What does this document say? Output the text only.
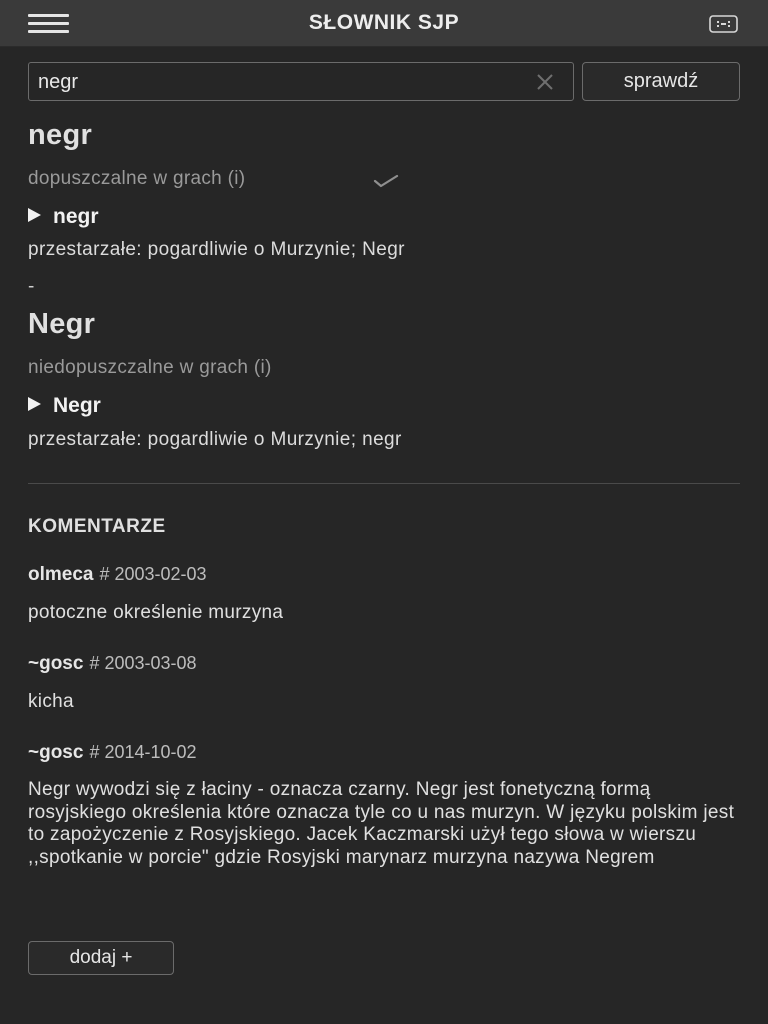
SŁOWNIK SJP
negr
sprawdź
negr
dopuszczalne w grach (i)
negr
przestarzałe: pogardliwie o Murzynie; Negr
-
Negr
niedopuszczalne w grach (i)
Negr
przestarzałe: pogardliwie o Murzynie; negr
KOMENTARZE
olmeca # 2003-02-03
potoczne określenie murzyna
~gosc # 2003-03-08
kicha
~gosc # 2014-10-02
Negr wywodzi się z łaciny - oznacza czarny. Negr jest fonetyczną formą rosyjskiego określenia które oznacza tyle co u nas murzyn. W języku polskim jest to zapożyczenie z Rosyjskiego. Jacek Kaczmarski użył tego słowa w wierszu ,,spotkanie w porcie" gdzie Rosyjski marynarz murzyna nazywa Negrem
dodaj +
